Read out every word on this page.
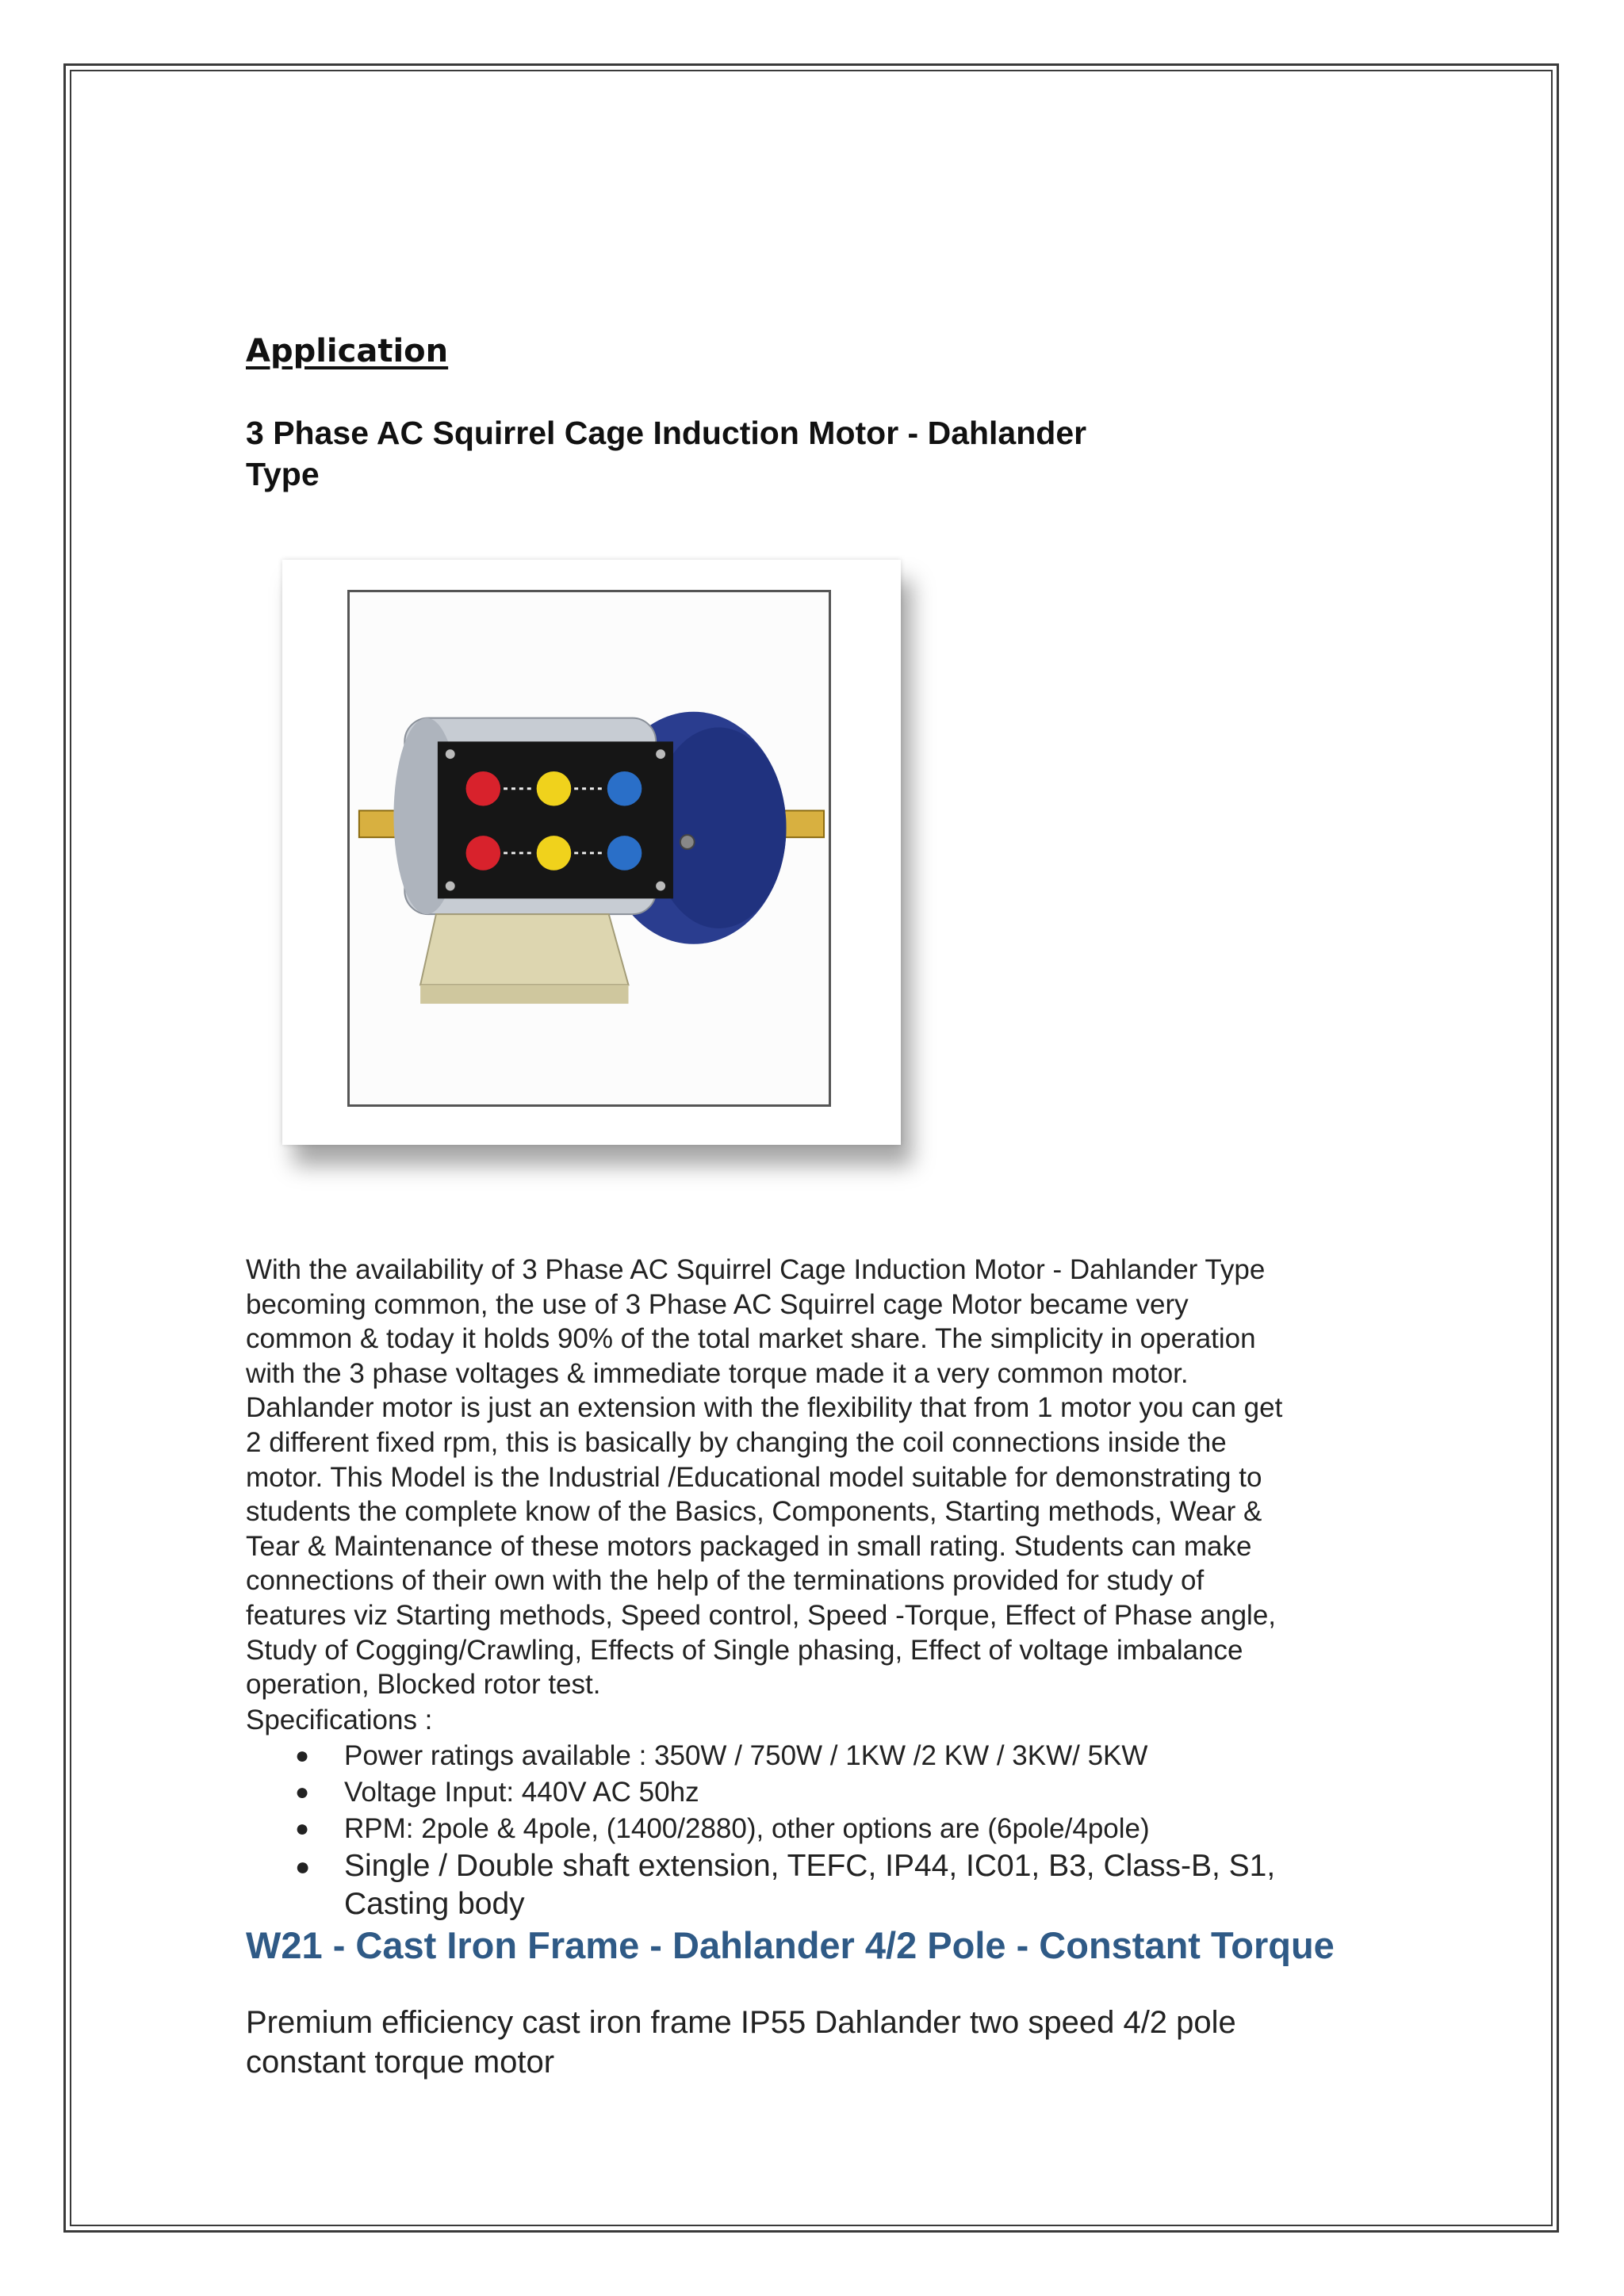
Application
3 Phase AC Squirrel Cage Induction Motor - Dahlander
Type
With the availability of 3 Phase AC Squirrel Cage Induction Motor - Dahlander Type
becoming common, the use of 3 Phase AC Squirrel cage Motor became very
common & today it holds 90% of the total market share. The simplicity in operation
with the 3 phase voltages & immediate torque made it a very common motor.
Dahlander motor is just an extension with the flexibility that from 1 motor you can get
2 different fixed rpm, this is basically by changing the coil connections inside the
motor. This Model is the Industrial /Educational model suitable for demonstrating to
students the complete know of the Basics, Components, Starting methods, Wear &
Tear & Maintenance of these motors packaged in small rating. Students can make
connections of their own with the help of the terminations provided for study of
features viz Starting methods, Speed control, Speed -Torque, Effect of Phase angle,
Study of Cogging/Crawling, Effects of Single phasing, Effect of voltage imbalance
operation, Blocked rotor test.

Specifications :

● Power ratings available : 350W / 750W / 1KW /2 KW / 3KW/ 5KW
● Voltage Input: 440V AC 50hz
● RPM: 2pole & 4pole, (1400/2880), other options are (6pole/4pole)
● Single / Double shaft extension, TEFC, IP44, IC01, B3, Class-B, S1,
Casting body
W21 - Cast Iron Frame - Dahlander 4/2 Pole - Constant Torque

Premium efficiency cast iron frame IP55 Dahlander two speed 4/2 pole
constant torque motor
